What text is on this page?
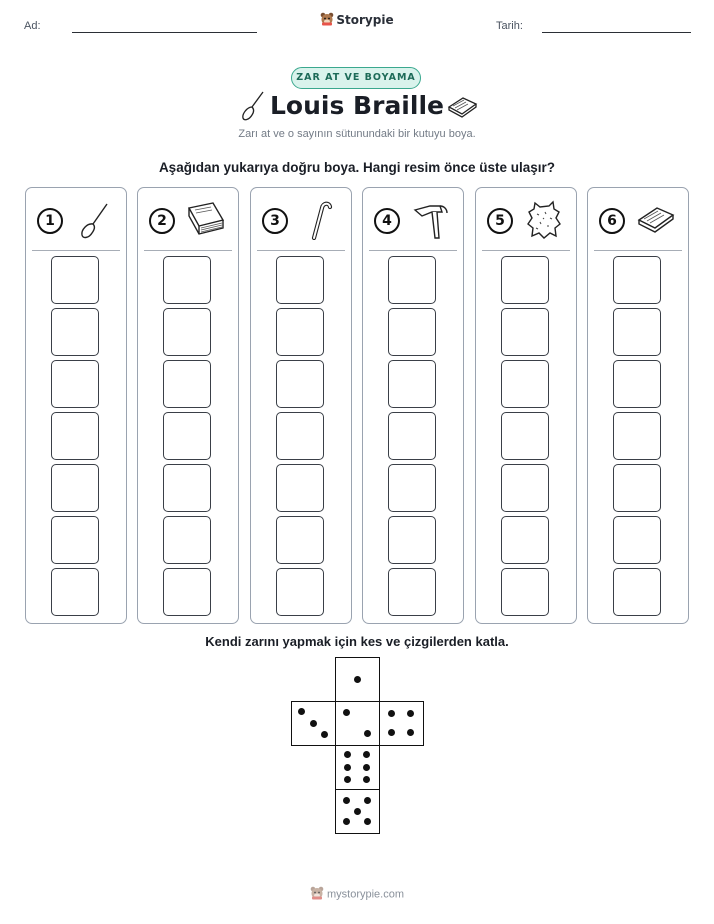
Ad:	Storypie	Tarih:
ZAR AT VE BOYAMA
Louis Braille
Zarı at ve o sayının sütunundaki bir kutuyu boya.
Aşağıdan yukarıya doğru boya. Hangi resim önce üste ulaşır?
1	2	3	4	5	6
Kendi zarını yapmak için kes ve çizgilerden katla.
mystorypie.com
